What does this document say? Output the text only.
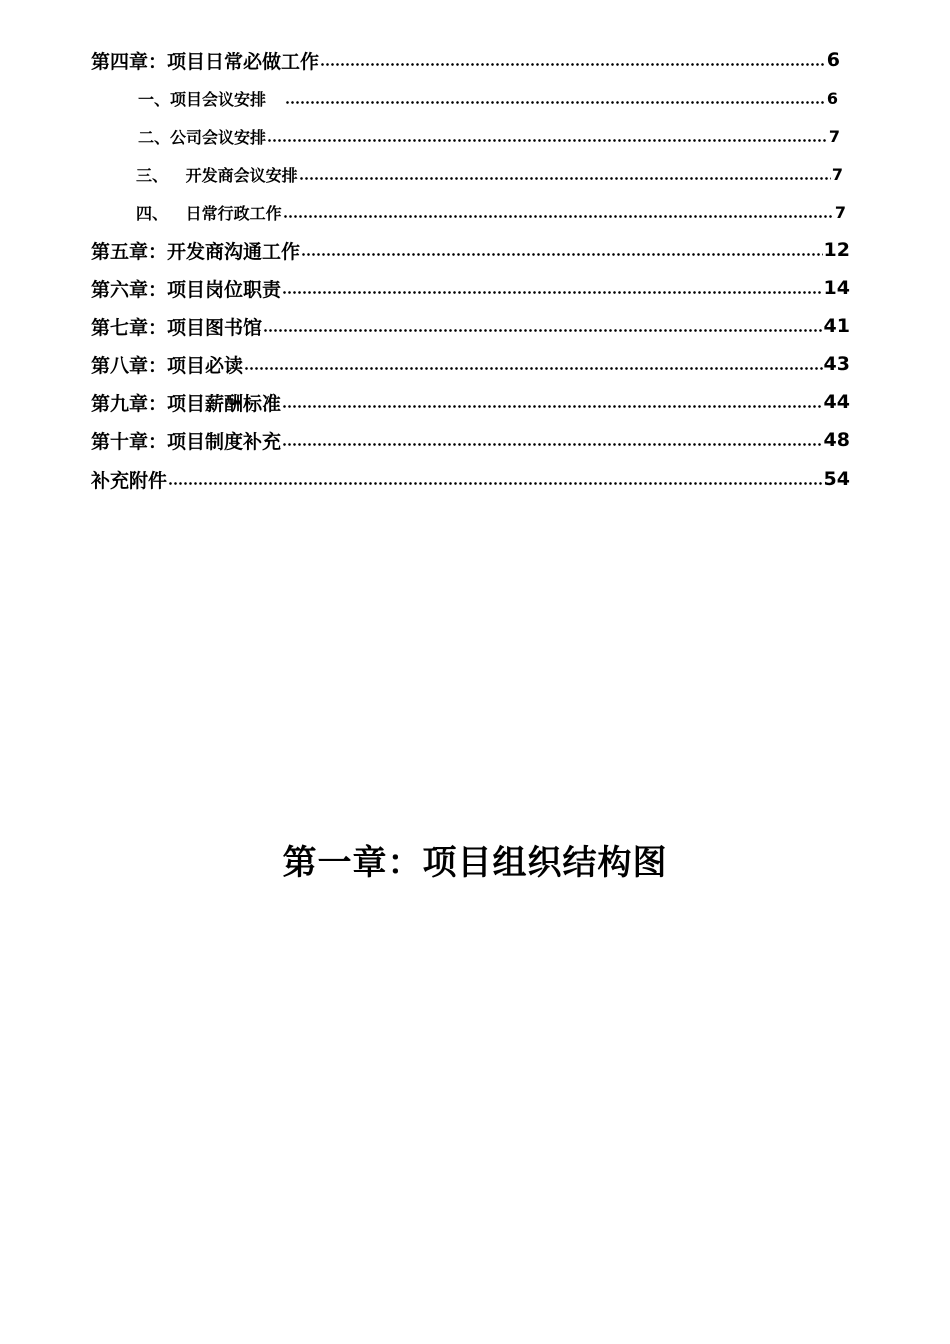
第四章：项目日常必做工作	6
一、项目会议安排	6
二、公司会议安排	7
三、 开发商会议安排	7
四、 日常行政工作	7
第五章：开发商沟通工作	12
第六章：项目岗位职责	14
第七章：项目图书馆	41
第八章：项目必读	43
第九章：项目薪酬标准	44
第十章：项目制度补充	48
补充附件	54
第一章：项目组织结构图
